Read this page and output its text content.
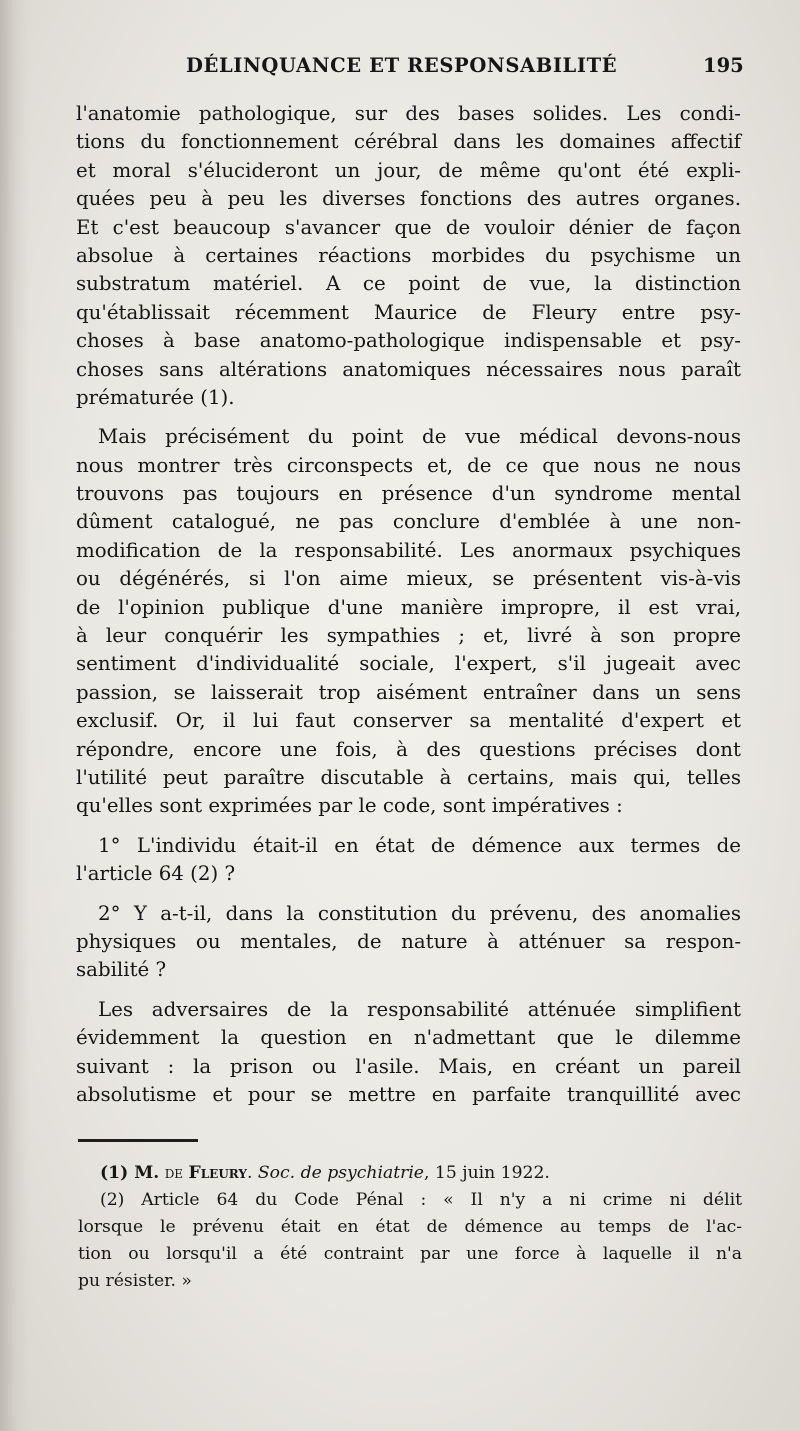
DÉLINQUANCE ET RESPONSABILITÉ	195
l'anatomie pathologique, sur des bases solides. Les condi-
tions du fonctionnement cérébral dans les domaines affectif
et moral s'élucideront un jour, de même qu'ont été expli-
quées peu à peu les diverses fonctions des autres organes.
Et c'est beaucoup s'avancer que de vouloir dénier de façon
absolue à certaines réactions morbides du psychisme un
substratum matériel. A ce point de vue, la distinction
qu'établissait récemment Maurice de Fleury entre psy-
choses à base anatomo-pathologique indispensable et psy-
choses sans altérations anatomiques nécessaires nous paraît
prématurée (1).
Mais précisément du point de vue médical devons-nous
nous montrer très circonspects et, de ce que nous ne nous
trouvons pas toujours en présence d'un syndrome mental
dûment catalogué, ne pas conclure d'emblée à une non-
modification de la responsabilité. Les anormaux psychiques
ou dégénérés, si l'on aime mieux, se présentent vis-à-vis
de l'opinion publique d'une manière impropre, il est vrai,
à leur conquérir les sympathies ; et, livré à son propre
sentiment d'individualité sociale, l'expert, s'il jugeait avec
passion, se laisserait trop aisément entraîner dans un sens
exclusif. Or, il lui faut conserver sa mentalité d'expert et
répondre, encore une fois, à des questions précises dont
l'utilité peut paraître discutable à certains, mais qui, telles
qu'elles sont exprimées par le code, sont impératives :
1° L'individu était-il en état de démence aux termes de
l'article 64 (2) ?
2° Y a-t-il, dans la constitution du prévenu, des anomalies
physiques ou mentales, de nature à atténuer sa respon-
sabilité ?
Les adversaires de la responsabilité atténuée simplifient
évidemment la question en n'admettant que le dilemme
suivant : la prison ou l'asile. Mais, en créant un pareil
absolutisme et pour se mettre en parfaite tranquillité avec
(1) M. de Fleury. Soc. de psychiatrie, 15 juin 1922.
(2) Article 64 du Code Pénal : « Il n'y a ni crime ni délit
lorsque le prévenu était en état de démence au temps de l'ac-
tion ou lorsqu'il a été contraint par une force à laquelle il n'a
pu résister. »
